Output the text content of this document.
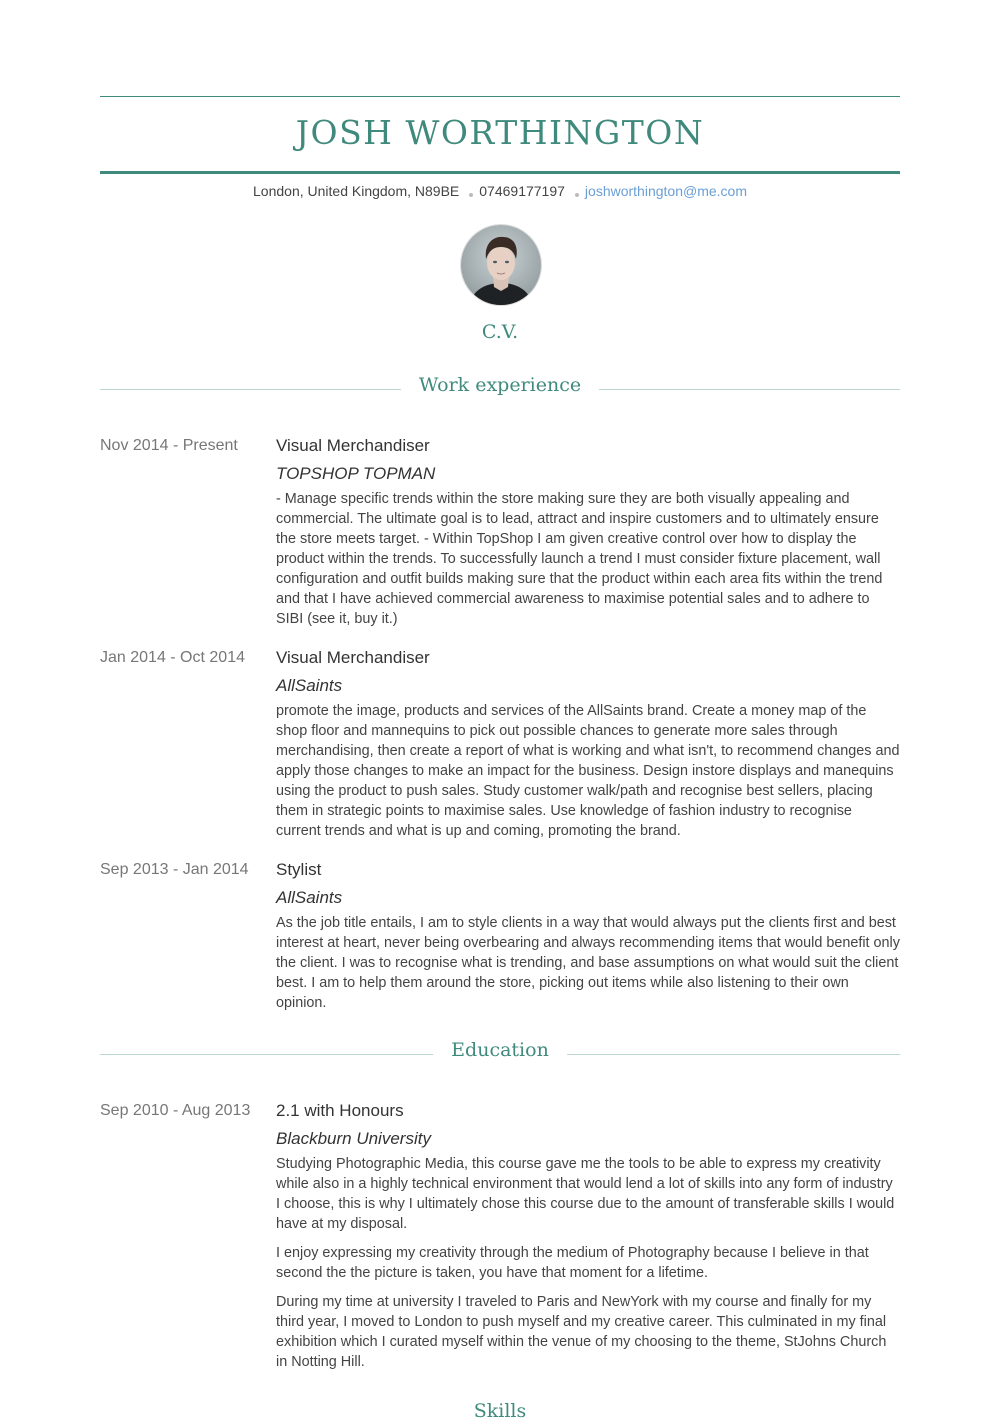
JOSH WORTHINGTON
London, United Kingdom, N89BE 07469177197 joshworthington@me.com
C.V.
Work experience
Nov 2014 - Present	Visual Merchandiser
TOPSHOP TOPMAN

- Manage specific trends within the store making sure they are both visually appealing and commercial. The ultimate goal is to lead, attract and inspire customers and to ultimately ensure the store meets target. - Within TopShop I am given creative control over how to display the product within the trends. To successfully launch a trend I must consider fixture placement, wall configuration and outfit builds making sure that the product within each area fits within the trend and that I have achieved commercial awareness to maximise potential sales and to adhere to SIBI (see it, buy it.)

Jan 2014 - Oct 2014	Visual Merchandiser
AllSaints

promote the image, products and services of the AllSaints brand. Create a money map of the shop floor and mannequins to pick out possible chances to generate more sales through merchandising, then create a report of what is working and what isn't, to recommend changes and apply those changes to make an impact for the business. Design instore displays and manequins using the product to push sales. Study customer walk/path and recognise best sellers, placing them in strategic points to maximise sales. Use knowledge of fashion industry to recognise current trends and what is up and coming, promoting the brand.

Sep 2013 - Jan 2014	Stylist
AllSaints

As the job title entails, I am to style clients in a way that would always put the clients first and best interest at heart, never being overbearing and always recommending items that would benefit only the client. I was to recognise what is trending, and base assumptions on what would suit the client best. I am to help them around the store, picking out items while also listening to their own opinion.

Education
Sep 2010 - Aug 2013	2.1 with Honours
Blackburn University

Studying Photographic Media, this course gave me the tools to be able to express my creativity while also in a highly technical environment that would lend a lot of skills into any form of industry I choose, this is why I ultimately chose this course due to the amount of transferable skills I would have at my disposal.

I enjoy expressing my creativity through the medium of Photography because I believe in that second the the picture is taken, you have that moment for a lifetime.

During my time at university I traveled to Paris and NewYork with my course and finally for my third year, I moved to London to push myself and my creative career. This culminated in my final exhibition which I curated myself within the venue of my choosing to the theme, StJohns Church in Notting Hill.

Skills
